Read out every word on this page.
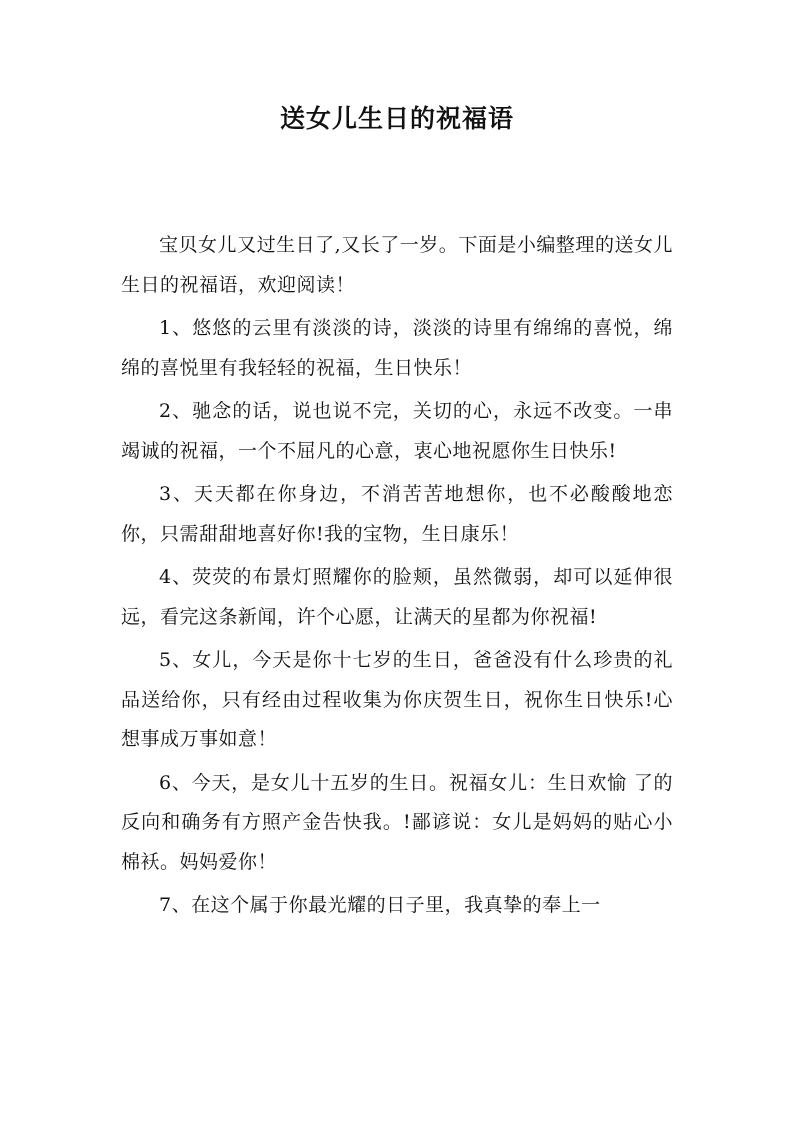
送女儿生日的祝福语

宝贝女儿又过生日了,又长了一岁。下面是小编整理的送女儿生日的祝福语，欢迎阅读！

1、悠悠的云里有淡淡的诗，淡淡的诗里有绵绵的喜悦，绵绵的喜悦里有我轻轻的祝福，生日快乐！

2、驰念的话，说也说不完，关切的心，永远不改变。一串竭诚的祝福，一个不屈凡的心意，衷心地祝愿你生日快乐!

3、天天都在你身边，不消苦苦地想你，也不必酸酸地恋你，只需甜甜地喜好你!我的宝物，生日康乐！

4、荧荧的布景灯照耀你的脸颊，虽然微弱，却可以延伸很远，看完这条新闻，许个心愿，让满天的星都为你祝福!

5、女儿，今天是你十七岁的生日，爸爸没有什么珍贵的礼品送给你，只有经由过程收集为你庆贺生日，祝你生日快乐!心想事成万事如意！

6、今天，是女儿十五岁的生日。祝福女儿：生日欢愉 了的反向和确务有方照产金告快我。!鄙谚说：女儿是妈妈的贴心小棉袄。妈妈爱你！

7、在这个属于你最光耀的日子里，我真挚的奉上一
